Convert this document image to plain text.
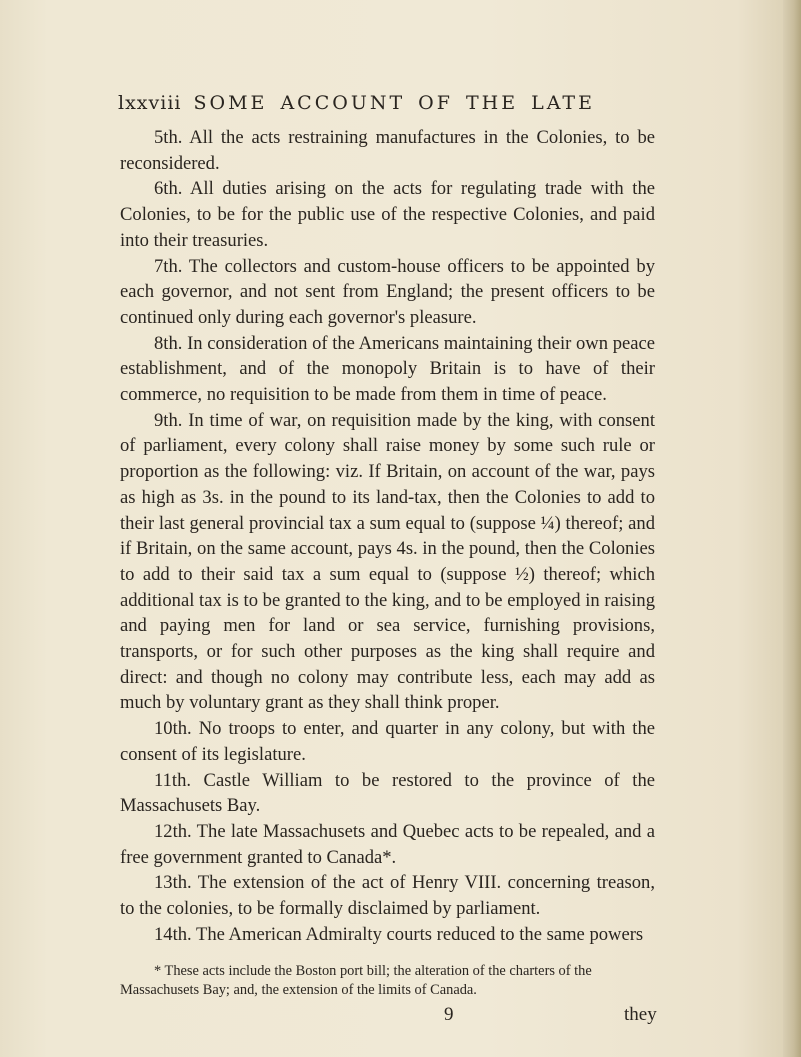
lxxviii SOME ACCOUNT OF THE LATE

5th. All the acts restraining manufactures in the Colonies, to be reconsidered.

6th. All duties arising on the acts for regulating trade with the Colonies, to be for the public use of the respective Colonies, and paid into their treasuries.

7th. The collectors and custom-house officers to be appointed by each governor, and not sent from England; the present officers to be continued only during each governor's pleasure.

8th. In consideration of the Americans maintaining their own peace establishment, and of the monopoly Britain is to have of their commerce, no requisition to be made from them in time of peace.

9th. In time of war, on requisition made by the king, with consent of parliament, every colony shall raise money by some such rule or proportion as the following: viz. If Britain, on account of the war, pays as high as 3s. in the pound to its land-tax, then the Colonies to add to their last general provincial tax a sum equal to (suppose ¼) thereof; and if Britain, on the same account, pays 4s. in the pound, then the Colonies to add to their said tax a sum equal to (suppose ½) thereof; which additional tax is to be granted to the king, and to be employed in raising and paying men for land or sea service, furnishing provisions, transports, or for such other purposes as the king shall require and direct: and though no colony may contribute less, each may add as much by voluntary grant as they shall think proper.

10th. No troops to enter, and quarter in any colony, but with the consent of its legislature.

11th. Castle William to be restored to the province of the Massachusets Bay.

12th. The late Massachusets and Quebec acts to be repealed, and a free government granted to Canada*.

13th. The extension of the act of Henry VIII. concerning treason, to the colonies, to be formally disclaimed by parliament.

14th. The American Admiralty courts reduced to the same powers

* These acts include the Boston port bill; the alteration of the charters of the Massachusets Bay; and, the extension of the limits of Canada.
9	they
